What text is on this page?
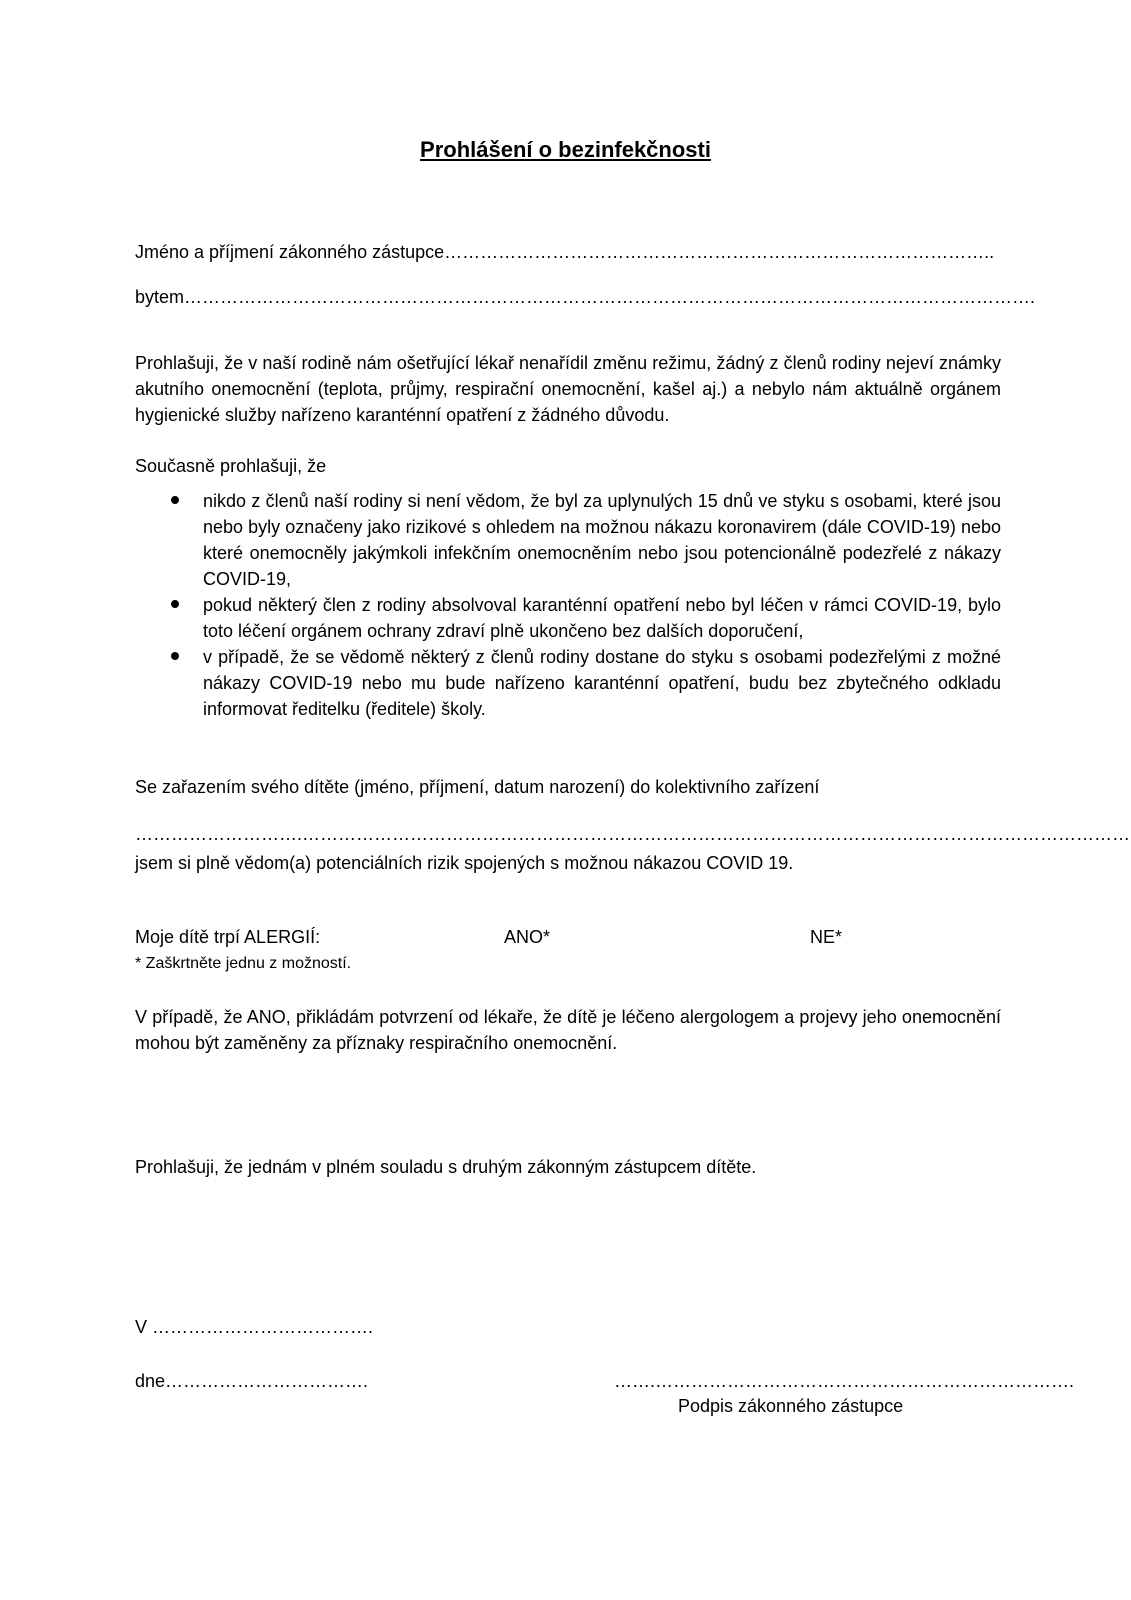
Prohlášení o bezinfekčnosti
Jméno a příjmení zákonného zástupce………………………………………………………………………………..
bytem…………………………………………………………………………………………………………………………….
Prohlašuji, že v naší rodině nám ošetřující lékař nenařídil změnu režimu, žádný z členů rodiny nejeví známky akutního onemocnění (teplota, průjmy, respirační onemocnění, kašel aj.) a nebylo nám aktuálně orgánem hygienické služby nařízeno karanténní opatření z žádného důvodu.
Současně prohlašuji, že
nikdo z členů naší rodiny si není vědom, že byl za uplynulých 15 dnů ve styku s osobami, které jsou nebo byly označeny jako rizikové s ohledem na možnou nákazu koronavirem (dále COVID-19) nebo které onemocněly jakýmkoli infekčním onemocněním nebo jsou potencionálně podezřelé z nákazy COVID-19,
pokud některý člen z rodiny absolvoval karanténní opatření nebo byl léčen v rámci COVID-19, bylo toto léčení orgánem ochrany zdraví plně ukončeno bez dalších doporučení,
v případě, že se vědomě některý z členů rodiny dostane do styku s osobami podezřelými z možné nákazy COVID-19 nebo mu bude nařízeno karanténní opatření, budu bez zbytečného odkladu informovat ředitelku (ředitele) školy.
Se zařazením svého dítěte (jméno, příjmení, datum narození) do kolektivního zařízení
……………………….…………………………………………………………………………………………………………………………
jsem si plně vědom(a) potenciálních rizik spojených s možnou nákazou COVID 19.
Moje dítě trpí ALERGIÍ:	ANO*	NE*
* Zaškrtněte jednu z možností.
V případě, že ANO, přikládám potvrzení od lékaře, že dítě je léčeno alergologem a projevy jeho onemocnění mohou být zaměněny za příznaky respiračního onemocnění.
Prohlašuji, že jednám v plném souladu s druhým zákonným zástupcem dítěte.
V ……………………………….
dne…………………………….	…….…………………………………………………………….
Podpis zákonného zástupce
